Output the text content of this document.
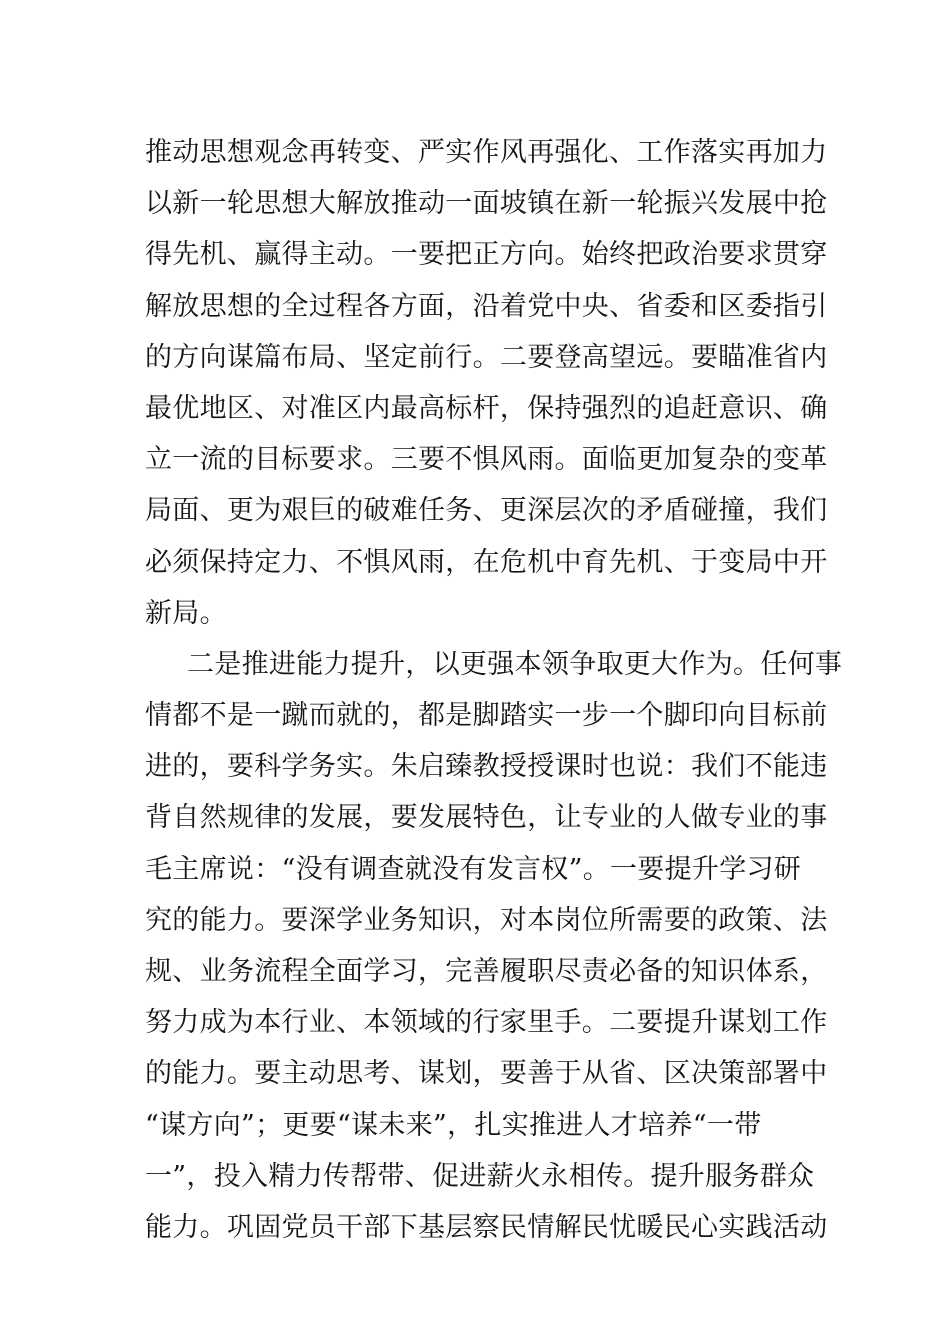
推动思想观念再转变、严实作风再强化、工作落实再加力
以新一轮思想大解放推动一面坡镇在新一轮振兴发展中抢
得先机、赢得主动。一要把正方向。始终把政治要求贯穿
解放思想的全过程各方面，沿着党中央、省委和区委指引
的方向谋篇布局、坚定前行。二要登高望远。要瞄准省内
最优地区、对准区内最高标杆，保持强烈的追赶意识、确
立一流的目标要求。三要不惧风雨。面临更加复杂的变革
局面、更为艰巨的破难任务、更深层次的矛盾碰撞，我们
必须保持定力、不惧风雨，在危机中育先机、于变局中开
新局。
二是推进能力提升，以更强本领争取更大作为。任何事
情都不是一蹴而就的，都是脚踏实一步一个脚印向目标前
进的，要科学务实。朱启臻教授授课时也说：我们不能违
背自然规律的发展，要发展特色，让专业的人做专业的事
毛主席说：“没有调查就没有发言权”。一要提升学习研
究的能力。要深学业务知识，对本岗位所需要的政策、法
规、业务流程全面学习，完善履职尽责必备的知识体系，
努力成为本行业、本领域的行家里手。二要提升谋划工作
的能力。要主动思考、谋划，要善于从省、区决策部署中
“谋方向”；更要“谋未来”，扎实推进人才培养“一带
一”，投入精力传帮带、促进薪火永相传。提升服务群众
能力。巩固党员干部下基层察民情解民忧暖民心实践活动
